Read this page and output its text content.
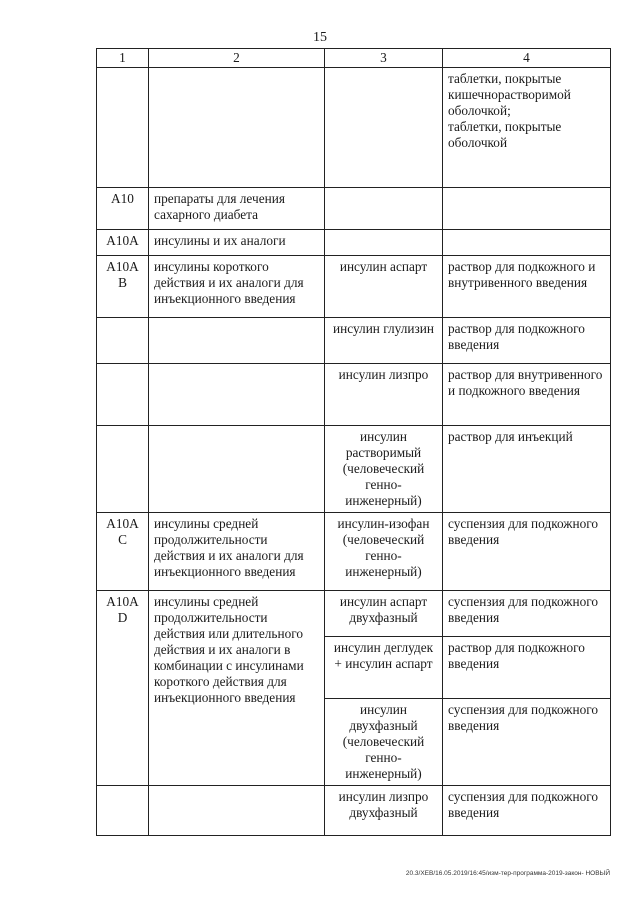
15
1	2	3	4
			таблетки, покрытые кишечнорастворимой оболочкой;
таблетки, покрытые оболочкой
A10	препараты для лечения сахарного диабета		
A10A	инсулины и их аналоги		
A10AB	инсулины короткого действия и их аналоги для инъекционного введения	инсулин аспарт	раствор для подкожного и внутривенного введения
		инсулин глулизин	раствор для подкожного введения
		инсулин лизпро	раствор для внутривенного и подкожного введения
		инсулин растворимый (человеческий генно-инженерный)	раствор для инъекций
A10AC	инсулины средней продолжительности действия и их аналоги для инъекционного введения	инсулин-изофан (человеческий генно-инженерный)	суспензия для подкожного введения
A10AD	инсулины средней продолжительности действия или длительного действия и их аналоги в комбинации с инсулинами короткого действия для инъекционного введения	инсулин аспарт двухфазный	суспензия для подкожного введения
		инсулин деглудек + инсулин аспарт	раствор для подкожного введения
		инсулин двухфазный (человеческий генно-инженерный)	суспензия для подкожного введения
		инсулин лизпро двухфазный	суспензия для подкожного введения
20.3/ХЕВ/16.05.2019/16:45/изм-тер-программа-2019-закон- НОВЫЙ
